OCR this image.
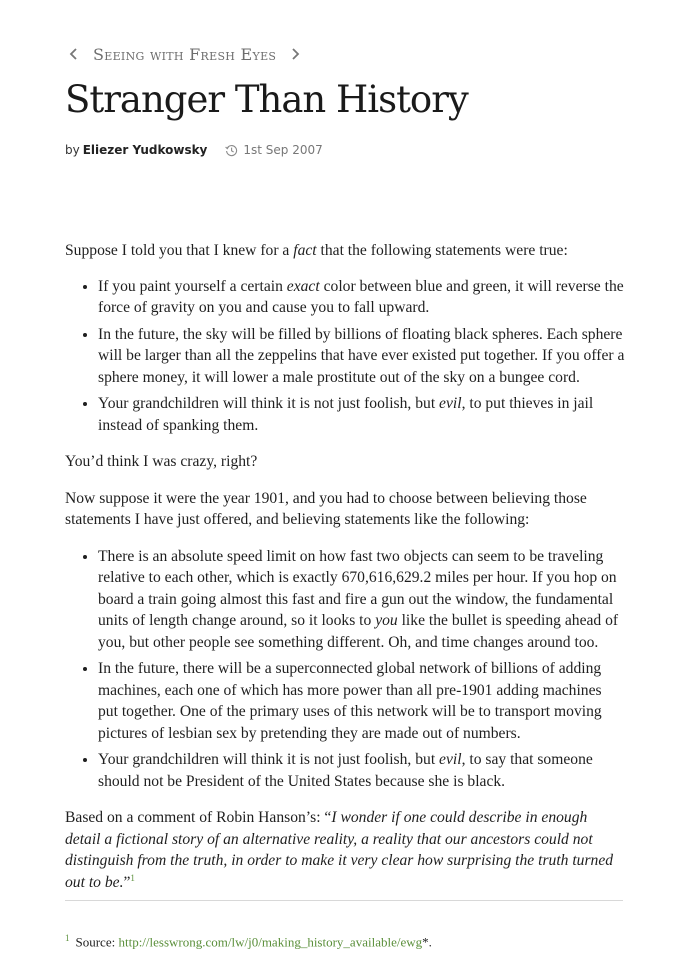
Seeing with Fresh Eyes
Stranger Than History
by Eliezer Yudkowsky	1st Sep 2007

Suppose I told you that I knew for a fact that the following statements were true:

• If you paint yourself a certain exact color between blue and green, it will reverse the force of gravity on you and cause you to fall upward.
• In the future, the sky will be filled by billions of floating black spheres. Each sphere will be larger than all the zeppelins that have ever existed put together. If you offer a sphere money, it will lower a male prostitute out of the sky on a bungee cord.
• Your grandchildren will think it is not just foolish, but evil, to put thieves in jail instead of spanking them.

You’d think I was crazy, right?

Now suppose it were the year 1901, and you had to choose between believing those statements I have just offered, and believing statements like the following:

• There is an absolute speed limit on how fast two objects can seem to be traveling relative to each other, which is exactly 670,616,629.2 miles per hour. If you hop on board a train going almost this fast and fire a gun out the window, the fundamental units of length change around, so it looks to you like the bullet is speeding ahead of you, but other people see something different. Oh, and time changes around too.
• In the future, there will be a superconnected global network of billions of adding machines, each one of which has more power than all pre-1901 adding machines put together. One of the primary uses of this network will be to transport moving pictures of lesbian sex by pretending they are made out of numbers.
• Your grandchildren will think it is not just foolish, but evil, to say that someone should not be President of the United States because she is black.

Based on a comment of Robin Hanson’s: “I wonder if one could describe in enough detail a fictional story of an alternative reality, a reality that our ancestors could not distinguish from the truth, in order to make it very clear how surprising the truth turned out to be.”$^1$

$^1$ Source: http://lesswrong.com/lw/j0/making_history_available/ewg*.
